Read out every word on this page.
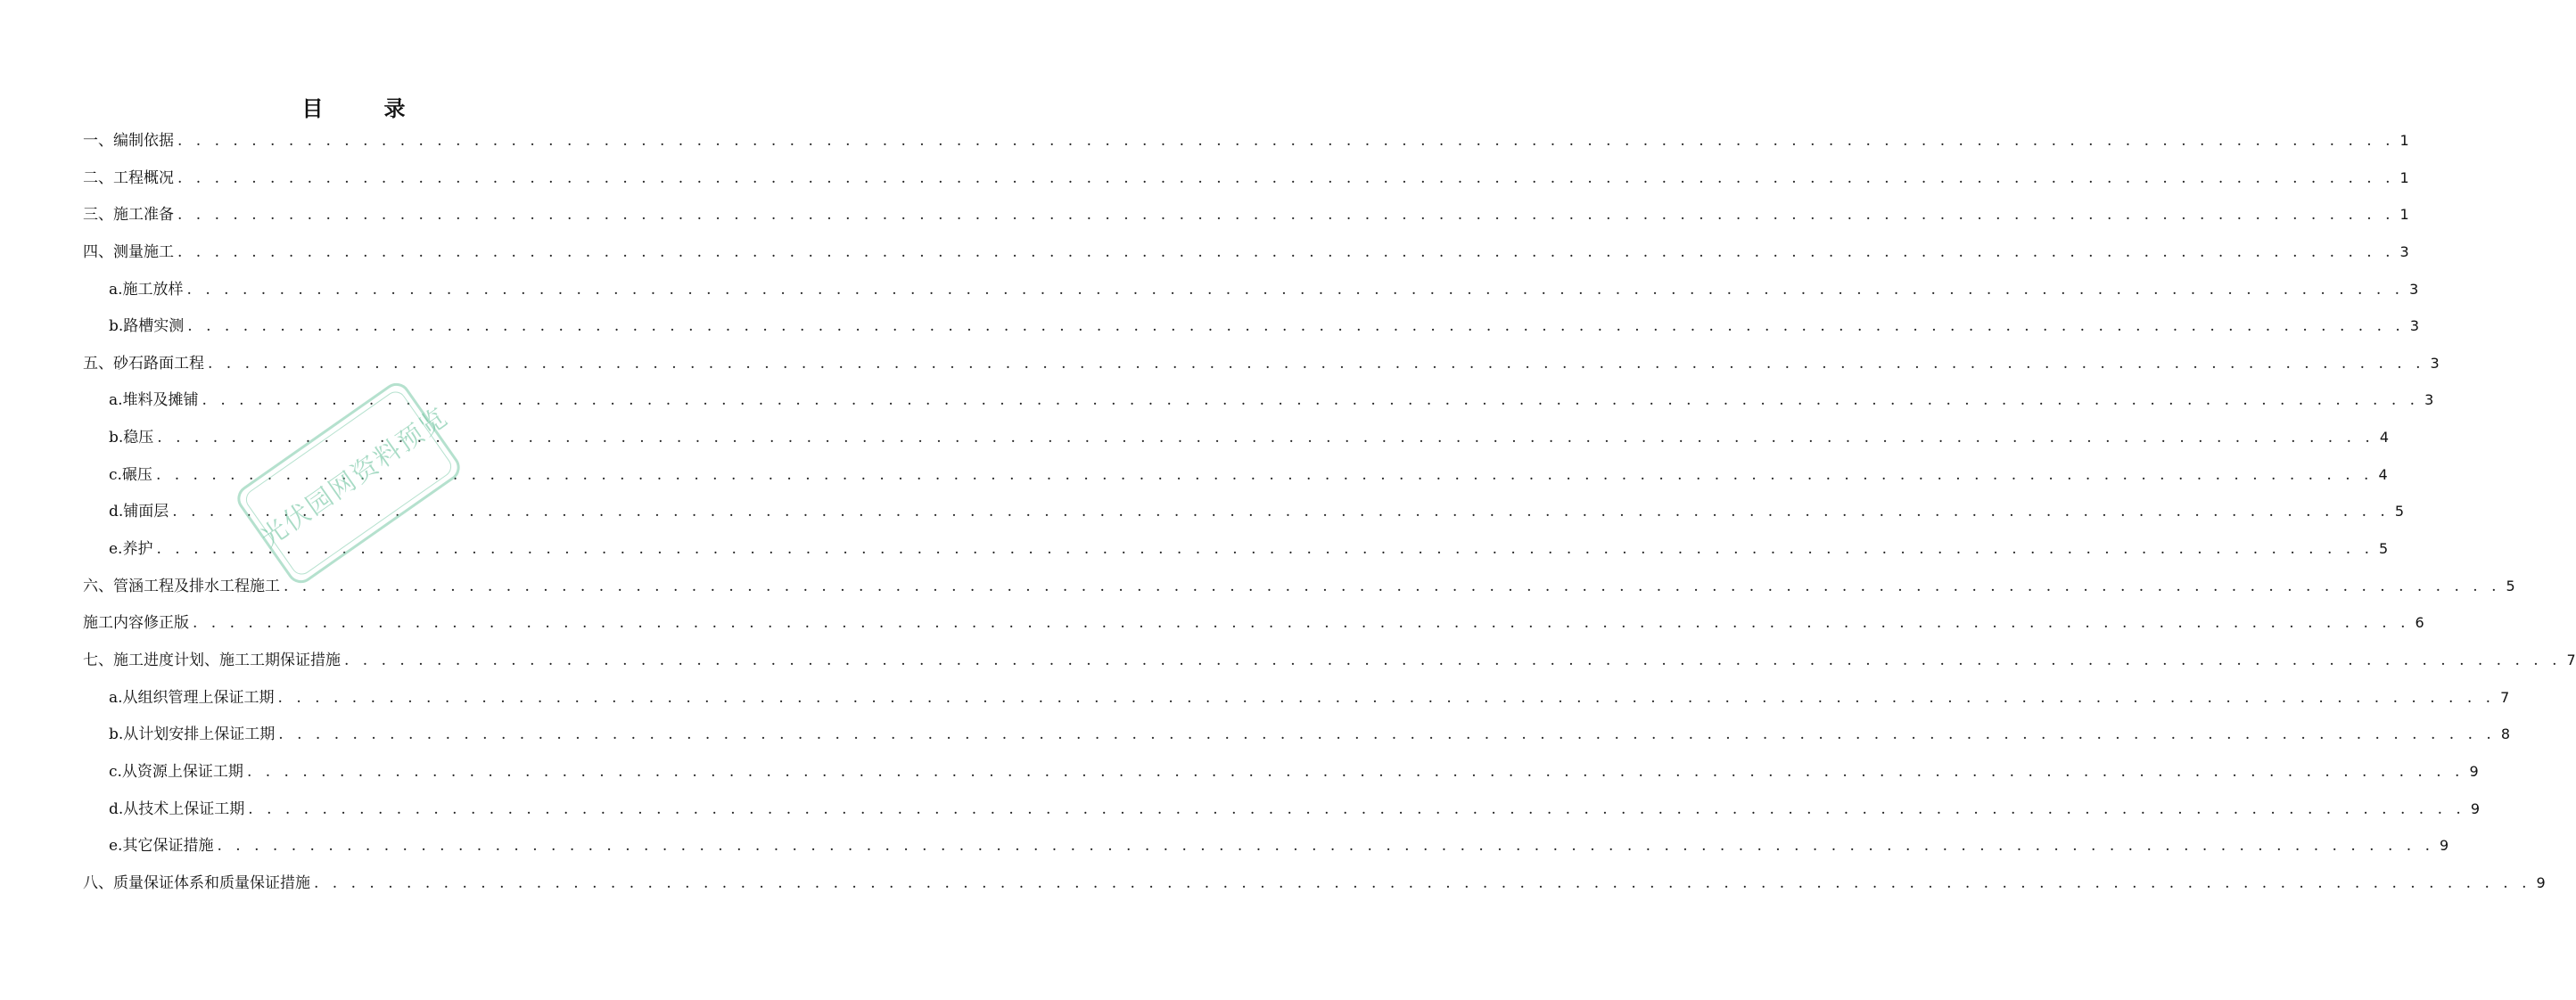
目　录
一、编制依据 . . . . . . . . . . . . . . . . . . . . . . . . . . . . . . . . . . . . . . . . . . . . . . . . . . . . . . . . . . . . . . . . . . . . . . . . . . . . . . . . . . . . . . . . . . . . . . . . . . . . . . . . . . . . . . . . . . . . . . . . 1
二、工程概况 . . . . . . . . . . . . . . . . . . . . . . . . . . . . . . . . . . . . . . . . . . . . . . . . . . . . . . . . . . . . . . . . . . . . . . . . . . . . . . . . . . . . . . . . . . . . . . . . . . . . . . . . . . . . . . . . . . . . . . . . 1
三、施工准备 . . . . . . . . . . . . . . . . . . . . . . . . . . . . . . . . . . . . . . . . . . . . . . . . . . . . . . . . . . . . . . . . . . . . . . . . . . . . . . . . . . . . . . . . . . . . . . . . . . . . . . . . . . . . . . . . . . . . . . . . 1
四、测量施工 . . . . . . . . . . . . . . . . . . . . . . . . . . . . . . . . . . . . . . . . . . . . . . . . . . . . . . . . . . . . . . . . . . . . . . . . . . . . . . . . . . . . . . . . . . . . . . . . . . . . . . . . . . . . . . . . . . . . . . . . 3
a.施工放样 . . . . . . . . . . . . . . . . . . . . . . . . . . . . . . . . . . . . . . . . . . . . . . . . . . . . . . . . . . . . . . . . . . . . . . . . . . . . . . . . . . . . . . . . . . . . . . . . . . . . . . . . . . . . . . . . . . . . . . . . 3
b.路槽实测 . . . . . . . . . . . . . . . . . . . . . . . . . . . . . . . . . . . . . . . . . . . . . . . . . . . . . . . . . . . . . . . . . . . . . . . . . . . . . . . . . . . . . . . . . . . . . . . . . . . . . . . . . . . . . . . . . . . . . . . . 3
五、砂石路面工程 . . . . . . . . . . . . . . . . . . . . . . . . . . . . . . . . . . . . . . . . . . . . . . . . . . . . . . . . . . . . . . . . . . . . . . . . . . . . . . . . . . . . . . . . . . . . . . . . . . . . . . . . . . . . . . . . . . . . . . . . 3
a.堆料及摊铺 . . . . . . . . . . . . . . . . . . . . . . . . . . . . . . . . . . . . . . . . . . . . . . . . . . . . . . . . . . . . . . . . . . . . . . . . . . . . . . . . . . . . . . . . . . . . . . . . . . . . . . . . . . . . . . . . . . . . . . . . 3
b.稳压 . . . . . . . . . . . . . . . . . . . . . . . . . . . . . . . . . . . . . . . . . . . . . . . . . . . . . . . . . . . . . . . . . . . . . . . . . . . . . . . . . . . . . . . . . . . . . . . . . . . . . . . . . . . . . . . . . . . . . . . . 4
c.碾压 . . . . . . . . . . . . . . . . . . . . . . . . . . . . . . . . . . . . . . . . . . . . . . . . . . . . . . . . . . . . . . . . . . . . . . . . . . . . . . . . . . . . . . . . . . . . . . . . . . . . . . . . . . . . . . . . . . . . . . . . 4
d.铺面层 . . . . . . . . . . . . . . . . . . . . . . . . . . . . . . . . . . . . . . . . . . . . . . . . . . . . . . . . . . . . . . . . . . . . . . . . . . . . . . . . . . . . . . . . . . . . . . . . . . . . . . . . . . . . . . . . . . . . . . . . 5
e.养护 . . . . . . . . . . . . . . . . . . . . . . . . . . . . . . . . . . . . . . . . . . . . . . . . . . . . . . . . . . . . . . . . . . . . . . . . . . . . . . . . . . . . . . . . . . . . . . . . . . . . . . . . . . . . . . . . . . . . . . . . 5
六、管涵工程及排水工程施工 . . . . . . . . . . . . . . . . . . . . . . . . . . . . . . . . . . . . . . . . . . . . . . . . . . . . . . . . . . . . . . . . . . . . . . . . . . . . . . . . . . . . . . . . . . . . . . . . . . . . . . . . . . . . . . . . . . . . . . . . 5
施工内容修正版 . . . . . . . . . . . . . . . . . . . . . . . . . . . . . . . . . . . . . . . . . . . . . . . . . . . . . . . . . . . . . . . . . . . . . . . . . . . . . . . . . . . . . . . . . . . . . . . . . . . . . . . . . . . . . . . . . . . . . . . . 6
七、施工进度计划、施工工期保证措施 . . . . . . . . . . . . . . . . . . . . . . . . . . . . . . . . . . . . . . . . . . . . . . . . . . . . . . . . . . . . . . . . . . . . . . . . . . . . . . . . . . . . . . . . . . . . . . . . . . . . . . . . . . . . . . . . . . . . . . . . 7
a.从组织管理上保证工期 . . . . . . . . . . . . . . . . . . . . . . . . . . . . . . . . . . . . . . . . . . . . . . . . . . . . . . . . . . . . . . . . . . . . . . . . . . . . . . . . . . . . . . . . . . . . . . . . . . . . . . . . . . . . . . . . . . . . . . . . 7
b.从计划安排上保证工期 . . . . . . . . . . . . . . . . . . . . . . . . . . . . . . . . . . . . . . . . . . . . . . . . . . . . . . . . . . . . . . . . . . . . . . . . . . . . . . . . . . . . . . . . . . . . . . . . . . . . . . . . . . . . . . . . . . . . . . . . 8
c.从资源上保证工期 . . . . . . . . . . . . . . . . . . . . . . . . . . . . . . . . . . . . . . . . . . . . . . . . . . . . . . . . . . . . . . . . . . . . . . . . . . . . . . . . . . . . . . . . . . . . . . . . . . . . . . . . . . . . . . . . . . . . . . . . 9
d.从技术上保证工期 . . . . . . . . . . . . . . . . . . . . . . . . . . . . . . . . . . . . . . . . . . . . . . . . . . . . . . . . . . . . . . . . . . . . . . . . . . . . . . . . . . . . . . . . . . . . . . . . . . . . . . . . . . . . . . . . . . . . . . . . 9
e.其它保证措施 . . . . . . . . . . . . . . . . . . . . . . . . . . . . . . . . . . . . . . . . . . . . . . . . . . . . . . . . . . . . . . . . . . . . . . . . . . . . . . . . . . . . . . . . . . . . . . . . . . . . . . . . . . . . . . . . . . . . . . . . 9
八、质量保证体系和质量保证措施 . . . . . . . . . . . . . . . . . . . . . . . . . . . . . . . . . . . . . . . . . . . . . . . . . . . . . . . . . . . . . . . . . . . . . . . . . . . . . . . . . . . . . . . . . . . . . . . . . . . . . . . . . . . . . . . . . . . . . . . . 9
光伏园网资料预览
